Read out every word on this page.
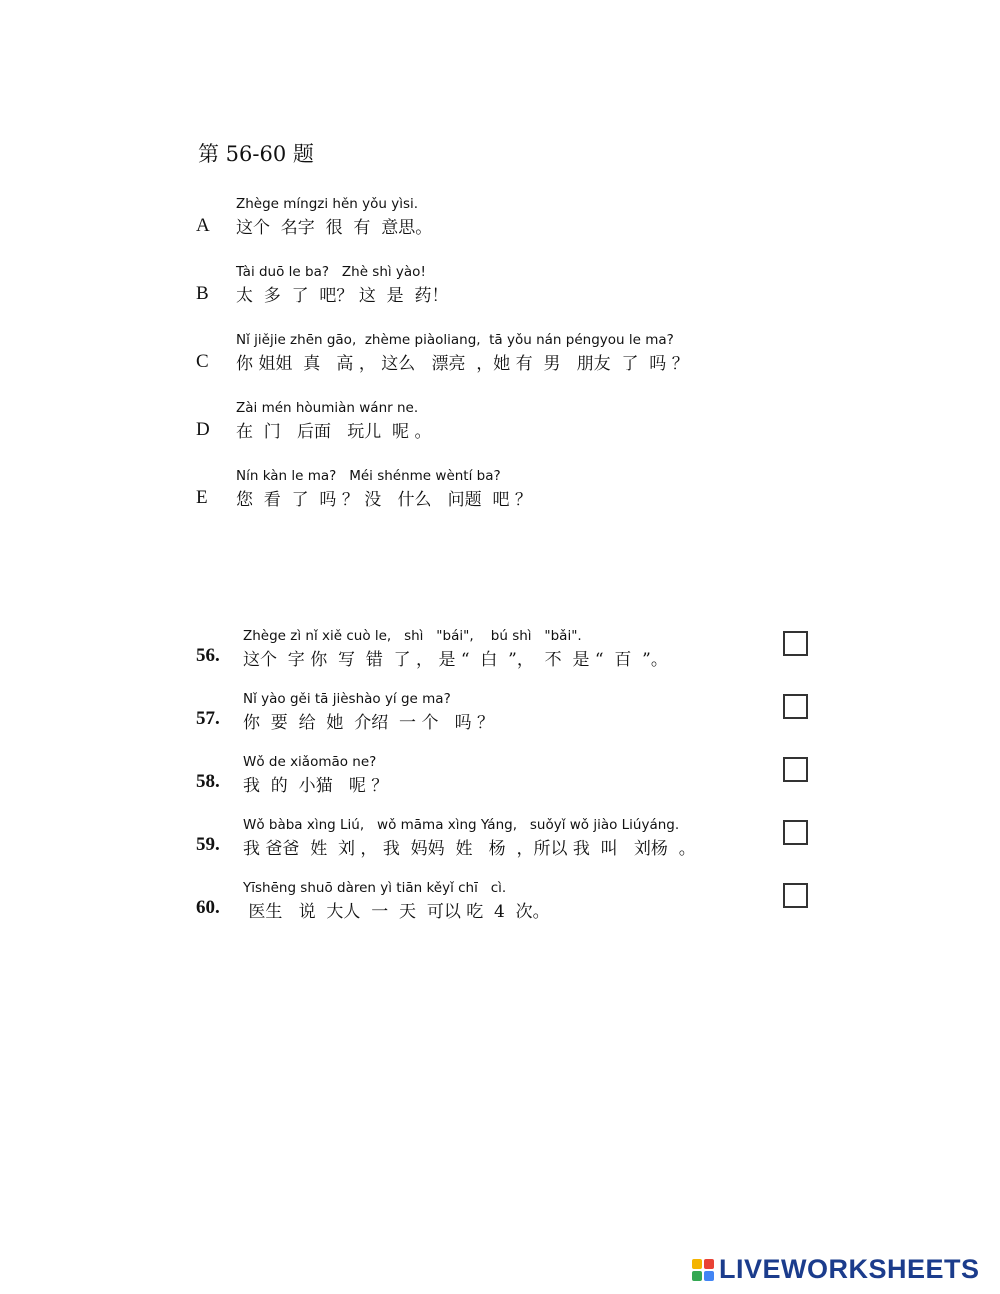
第 56-60 题
Zhège míngzi hěn yǒu yìsi.
A 这个  名字  很  有  意思。
Tài duō le ba?   Zhè shì yào!
B 太  多  了  吧？ 这  是  药！
Nǐ jiějie zhēn gāo,  zhème piàoliang,  tā yǒu nán péngyou le ma?
C 你 姐姐  真   高 ， 这么   漂亮  ，她 有  男   朋友  了  吗 ？
Zài mén hòumiàn wánr ne.
D 在  门   后面   玩儿  呢 。
Nín kàn le ma?   Méi shénme wèntí ba?
E 您  看  了  吗 ？ 没   什么   问题  吧 ？
Zhège zì nǐ xiě cuò le,   shì   "bái",    bú shì   "bǎi".
56. 这个  字 你  写  错  了 ， 是 “  白  ”，  不  是 “  百  ”。
Nǐ yào gěi tā jièshào yí ge ma?
57. 你  要  给  她  介绍  一 个   吗 ？
Wǒ de xiǎomāo ne?
58. 我  的  小猫   呢 ？
Wǒ bàba xìng Liú,   wǒ māma xìng Yáng,   suǒyǐ wǒ jiào Liúyáng.
59. 我 爸爸  姓  刘 ， 我  妈妈  姓   杨  ，所以 我  叫   刘杨  。
Yīshēng shuō dàren yì tiān kěyǐ chī   cì.
60. 医生   说  大人  一  天  可以 吃  4  次。
LIVEWORKSHEETS
